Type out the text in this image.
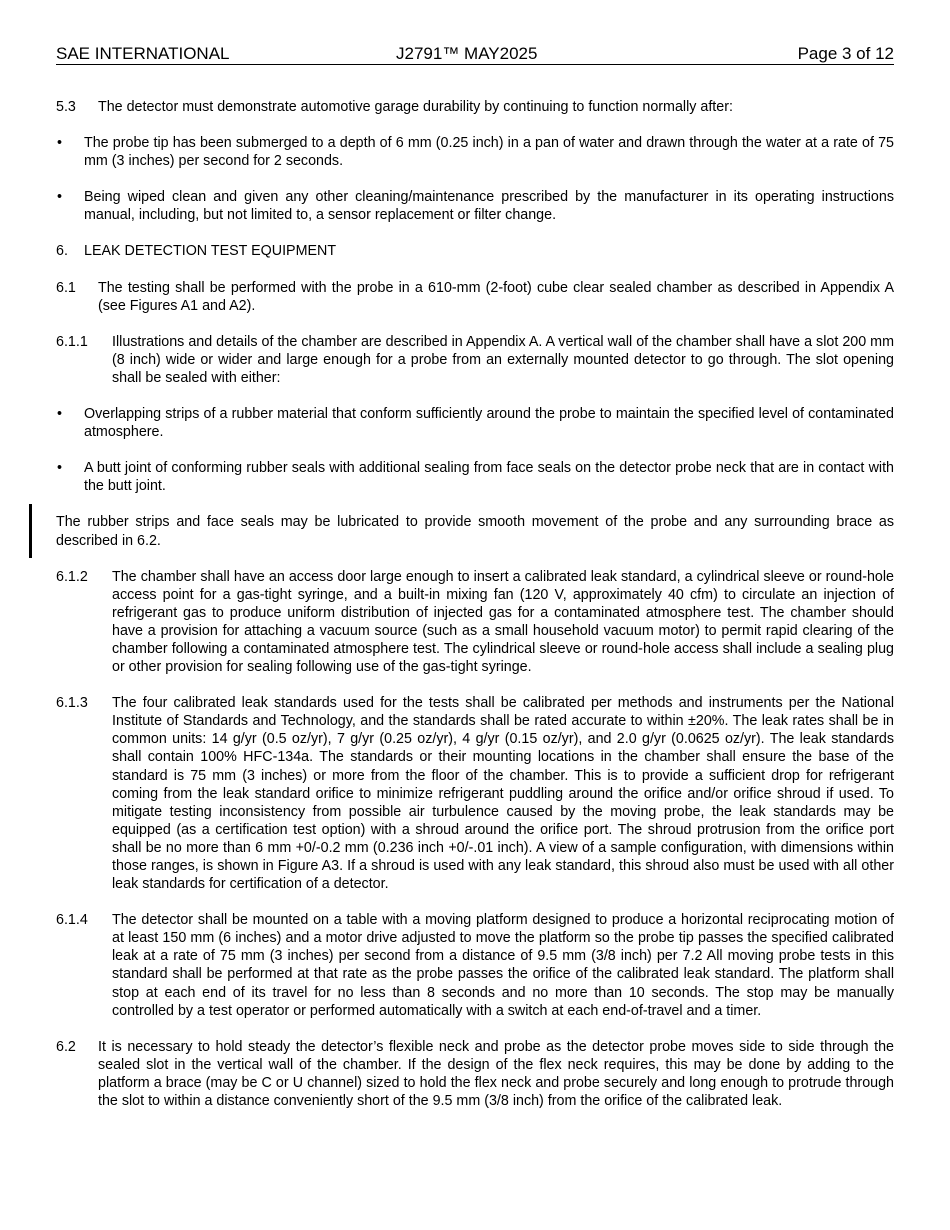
SAE INTERNATIONAL	J2791™ MAY2025	Page 3 of 12
5.3 The detector must demonstrate automotive garage durability by continuing to function normally after:
• The probe tip has been submerged to a depth of 6 mm (0.25 inch) in a pan of water and drawn through the water at a rate of 75 mm (3 inches) per second for 2 seconds.
• Being wiped clean and given any other cleaning/maintenance prescribed by the manufacturer in its operating instructions manual, including, but not limited to, a sensor replacement or filter change.
6. LEAK DETECTION TEST EQUIPMENT
6.1 The testing shall be performed with the probe in a 610-mm (2-foot) cube clear sealed chamber as described in Appendix A (see Figures A1 and A2).
6.1.1 Illustrations and details of the chamber are described in Appendix A. A vertical wall of the chamber shall have a slot 200 mm (8 inch) wide or wider and large enough for a probe from an externally mounted detector to go through. The slot opening shall be sealed with either:
• Overlapping strips of a rubber material that conform sufficiently around the probe to maintain the specified level of contaminated atmosphere.
• A butt joint of conforming rubber seals with additional sealing from face seals on the detector probe neck that are in contact with the butt joint.
The rubber strips and face seals may be lubricated to provide smooth movement of the probe and any surrounding brace as described in 6.2.
6.1.2 The chamber shall have an access door large enough to insert a calibrated leak standard, a cylindrical sleeve or round-hole access point for a gas-tight syringe, and a built-in mixing fan (120 V, approximately 40 cfm) to circulate an injection of refrigerant gas to produce uniform distribution of injected gas for a contaminated atmosphere test. The chamber should have a provision for attaching a vacuum source (such as a small household vacuum motor) to permit rapid clearing of the chamber following a contaminated atmosphere test. The cylindrical sleeve or round-hole access shall include a sealing plug or other provision for sealing following use of the gas-tight syringe.
6.1.3 The four calibrated leak standards used for the tests shall be calibrated per methods and instruments per the National Institute of Standards and Technology, and the standards shall be rated accurate to within ±20%. The leak rates shall be in common units: 14 g/yr (0.5 oz/yr), 7 g/yr (0.25 oz/yr), 4 g/yr (0.15 oz/yr), and 2.0 g/yr (0.0625 oz/yr). The leak standards shall contain 100% HFC-134a. The standards or their mounting locations in the chamber shall ensure the base of the standard is 75 mm (3 inches) or more from the floor of the chamber. This is to provide a sufficient drop for refrigerant coming from the leak standard orifice to minimize refrigerant puddling around the orifice and/or orifice shroud if used. To mitigate testing inconsistency from possible air turbulence caused by the moving probe, the leak standards may be equipped (as a certification test option) with a shroud around the orifice port. The shroud protrusion from the orifice port shall be no more than 6 mm +0/-0.2 mm (0.236 inch +0/-.01 inch). A view of a sample configuration, with dimensions within those ranges, is shown in Figure A3. If a shroud is used with any leak standard, this shroud also must be used with all other leak standards for certification of a detector.
6.1.4 The detector shall be mounted on a table with a moving platform designed to produce a horizontal reciprocating motion of at least 150 mm (6 inches) and a motor drive adjusted to move the platform so the probe tip passes the specified calibrated leak at a rate of 75 mm (3 inches) per second from a distance of 9.5 mm (3/8 inch) per 7.2 All moving probe tests in this standard shall be performed at that rate as the probe passes the orifice of the calibrated leak standard. The platform shall stop at each end of its travel for no less than 8 seconds and no more than 10 seconds. The stop may be manually controlled by a test operator or performed automatically with a switch at each end-of-travel and a timer.
6.2 It is necessary to hold steady the detector’s flexible neck and probe as the detector probe moves side to side through the sealed slot in the vertical wall of the chamber. If the design of the flex neck requires, this may be done by adding to the platform a brace (may be C or U channel) sized to hold the flex neck and probe securely and long enough to protrude through the slot to within a distance conveniently short of the 9.5 mm (3/8 inch) from the orifice of the calibrated leak.
